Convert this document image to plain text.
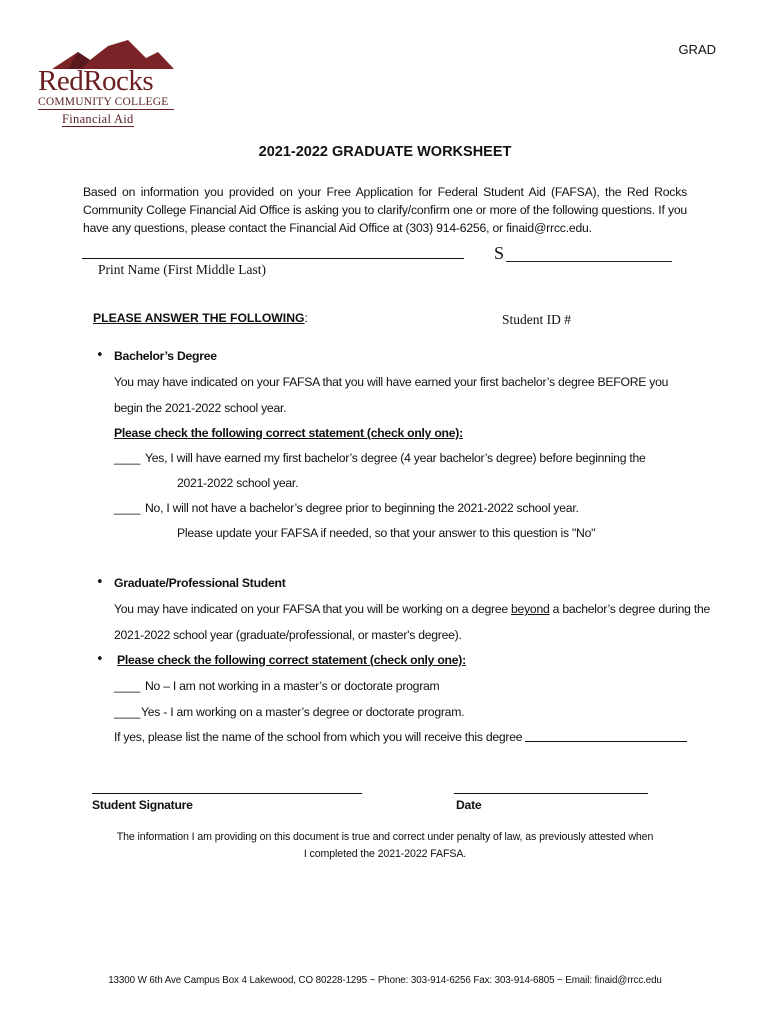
RedRocks
COMMUNITY COLLEGE
Financial Aid
GRAD
2021-2022 GRADUATE WORKSHEET
Based on information you provided on your Free Application for Federal Student Aid (FAFSA), the Red Rocks Community College Financial Aid Office is asking you to clarify/confirm one or more of the following questions. If you have any questions, please contact the Financial Aid Office at (303) 914-6256, or finaid@rrcc.edu.
Print Name (First Middle Last)
S
Student ID #
PLEASE ANSWER THE FOLLOWING:
• Bachelor’s Degree
You may have indicated on your FAFSA that you will have earned your first bachelor’s degree BEFORE you
begin the 2021-2022 school year.
Please check the following correct statement (check only one):
____ Yes, I will have earned my first bachelor’s degree (4 year bachelor’s degree) before beginning the
2021-2022 school year.
____ No, I will not have a bachelor’s degree prior to beginning the 2021-2022 school year.
Please update your FAFSA if needed, so that your answer to this question is "No"
• Graduate/Professional Student
You may have indicated on your FAFSA that you will be working on a degree beyond a bachelor’s degree during the
2021-2022 school year (graduate/professional, or master's degree).
• Please check the following correct statement (check only one):
____ No – I am not working in a master’s or doctorate program
____ Yes - I am working on a master’s degree or doctorate program.
If yes, please list the name of the school from which you will receive this degree
Student Signature	Date
The information I am providing on this document is true and correct under penalty of law, as previously attested when
I completed the 2021-2022 FAFSA.
13300 W 6th Ave Campus Box 4 Lakewood, CO 80228-1295 ~ Phone: 303-914-6256 Fax: 303-914-6805 ~ Email: finaid@rrcc.edu
